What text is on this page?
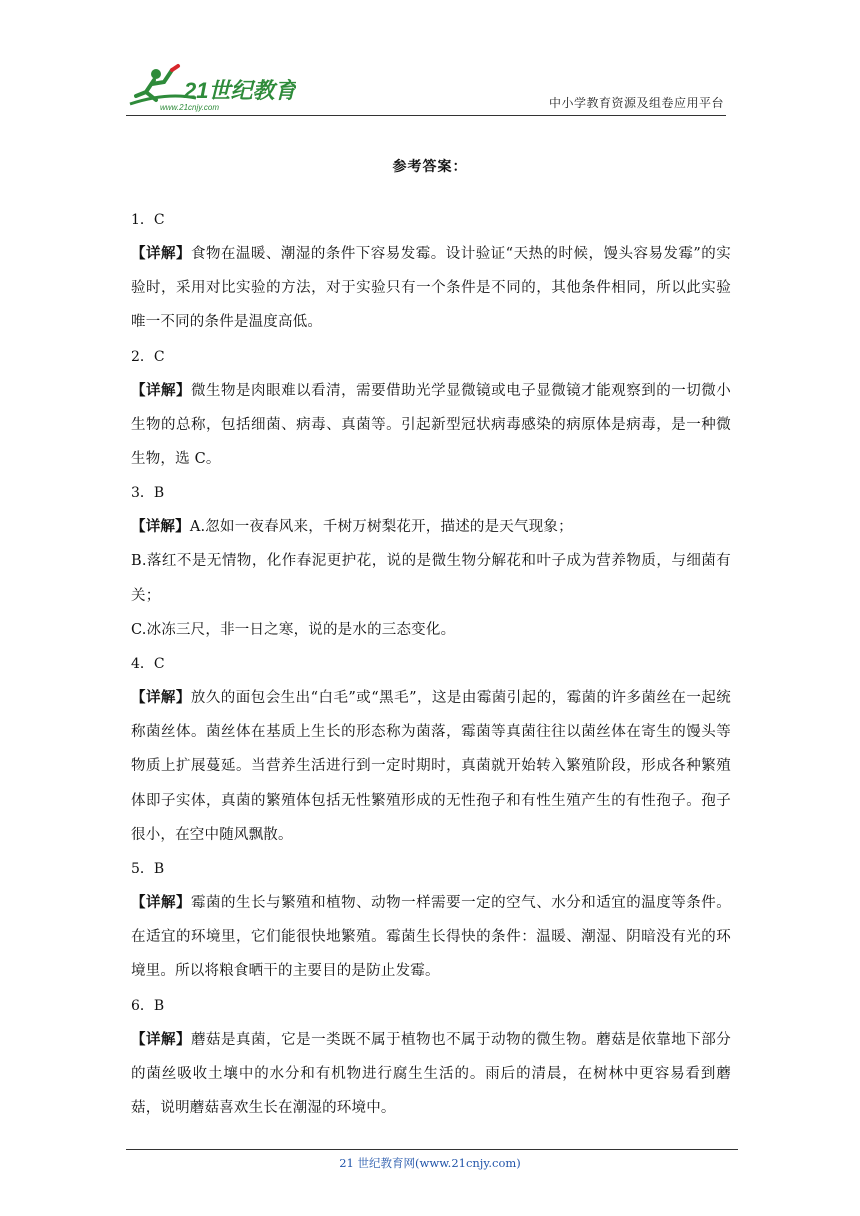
21世纪教育
www.21cnjy.com	中小学教育资源及组卷应用平台
参考答案：
1．C

【详解】食物在温暖、潮湿的条件下容易发霉。设计验证“天热的时候，馒头容易发霉”的实验时，采用对比实验的方法，对于实验只有一个条件是不同的，其他条件相同，所以此实验唯一不同的条件是温度高低。

2．C

【详解】微生物是肉眼难以看清，需要借助光学显微镜或电子显微镜才能观察到的一切微小生物的总称，包括细菌、病毒、真菌等。引起新型冠状病毒感染的病原体是病毒，是一种微生物，选 C。

3．B

【详解】A.忽如一夜春风来，千树万树梨花开，描述的是天气现象；

B.落红不是无情物，化作春泥更护花，说的是微生物分解花和叶子成为营养物质，与细菌有关；

C.冰冻三尺，非一日之寒，说的是水的三态变化。

4．C

【详解】放久的面包会生出“白毛”或“黑毛”，这是由霉菌引起的，霉菌的许多菌丝在一起统称菌丝体。菌丝体在基质上生长的形态称为菌落，霉菌等真菌往往以菌丝体在寄生的馒头等物质上扩展蔓延。当营养生活进行到一定时期时，真菌就开始转入繁殖阶段，形成各种繁殖体即子实体，真菌的繁殖体包括无性繁殖形成的无性孢子和有性生殖产生的有性孢子。孢子很小，在空中随风飘散。

5．B

【详解】霉菌的生长与繁殖和植物、动物一样需要一定的空气、水分和适宜的温度等条件。在适宜的环境里，它们能很快地繁殖。霉菌生长得快的条件：温暖、潮湿、阴暗没有光的环境里。所以将粮食晒干的主要目的是防止发霉。

6．B

【详解】蘑菇是真菌，它是一类既不属于植物也不属于动物的微生物。蘑菇是依靠地下部分的菌丝吸收土壤中的水分和有机物进行腐生生活的。雨后的清晨，在树林中更容易看到蘑菇，说明蘑菇喜欢生长在潮湿的环境中。

21 世纪教育网(www.21cnjy.com)
